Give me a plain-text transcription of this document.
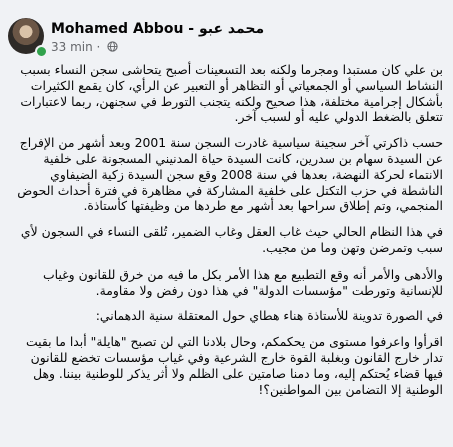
Mohamed Abbou - محمد عبو
33 min ·

بن علي كان مستبدا ومجرما ولكنه بعد التسعينات أصبح يتحاشى سجن النساء بسبب النشاط السياسي أو الجمعياتي أو التظاهر أو التعبير عن الرأي، كان يقمع الكثيرات بأشكال إجرامية مختلفة، هذا صحيح ولكنه يتجنب التورط في سجنهن، ربما لاعتبارات تتعلق بالضغط الدولي عليه أو لسبب آخر.

حسب ذاكرتي آخر سجينة سياسية غادرت السجن سنة 2001 وبعد أشهر من الإفراج عن السيدة سهام بن سدرين، كانت السيدة حياة المدنيني المسجونة على خلفية الانتماء لحركة النهضة، بعدها في سنة 2008 وقع سجن السيدة زكية الضيفاوي الناشطة في حزب التكتل على خلفية المشاركة في مظاهرة في فترة أحداث الحوض المنجمي، وتم إطلاق سراحها بعد أشهر مع طردها من وظيفتها كأستاذة.

في هذا النظام الحالي حيث غاب العقل وغاب الضمير، تُلقى النساء في السجون لأي سبب وتمرضن وتهن وما من مجيب.

والأدهى والأمر أنه وقع التطبيع مع هذا الأمر بكل ما فيه من خرق للقانون وغياب للإنسانية وتورطت "مؤسسات الدولة" في هذا دون رفض ولا مقاومة.

في الصورة تدوينة للأستاذة هناء هطاي حول المعتقلة سنية الدهماني:

اقرأوا واعرفوا مستوى من يحكمكم، وحال بلادنا التي لن تصبح "هايلة" أبدا ما بقيت تدار خارج القانون وبغلبة القوة خارج الشرعية وفي غياب مؤسسات تخضع للقانون فيها قضاء يُحتكم إليه، وما دمنا صامتين على الظلم ولا أثر يذكر للوطنية بيننا. وهل الوطنية إلا التضامن بين المواطنين؟!
